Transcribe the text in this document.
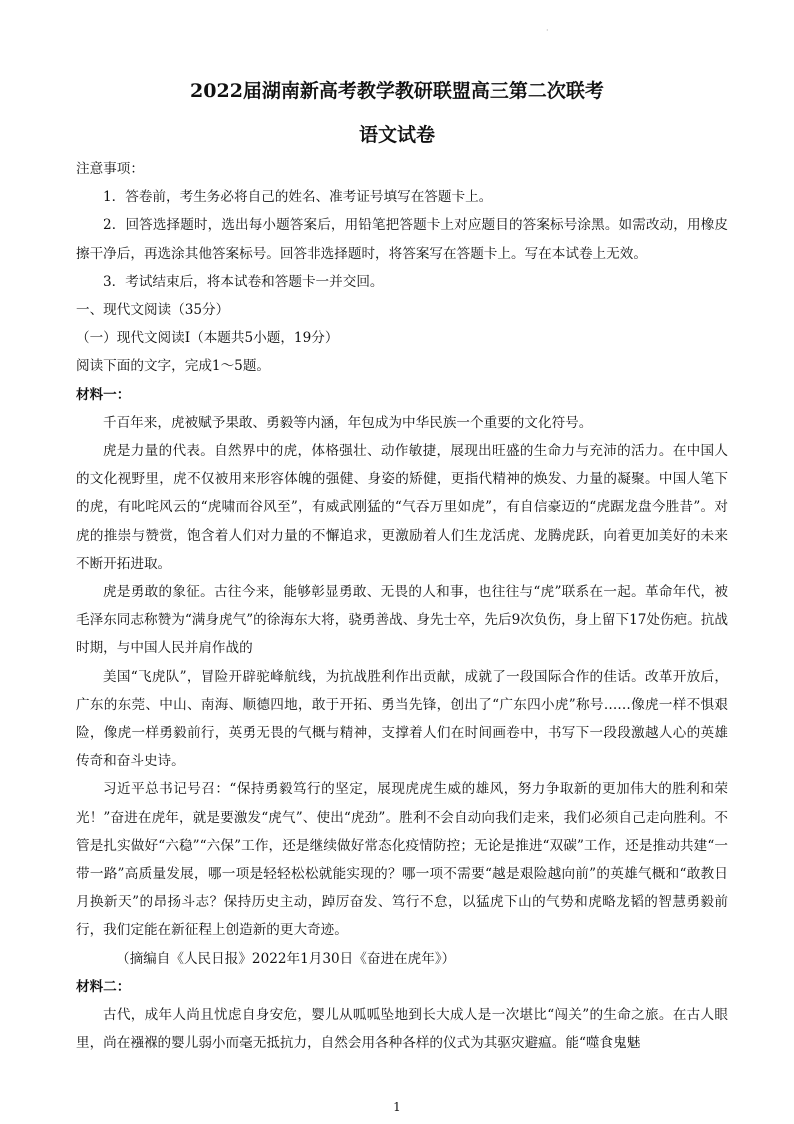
·
2022届湖南新高考教学教研联盟高三第二次联考
语文试卷

注意事项：

1．答卷前，考生务必将自己的姓名、准考证号填写在答题卡上。

2．回答选择题时，选出每小题答案后，用铅笔把答题卡上对应题目的答案标号涂黑。如需改动，用橡皮擦干净后，再选涂其他答案标号。回答非选择题时，将答案写在答题卡上。写在本试卷上无效。

3．考试结束后，将本试卷和答题卡一并交回。

一、现代文阅读（35分）

（一）现代文阅读Ⅰ（本题共5小题，19分）

阅读下面的文字，完成1～5题。

材料一：

千百年来，虎被赋予果敢、勇毅等内涵，年包成为中华民族一个重要的文化符号。

虎是力量的代表。自然界中的虎，体格强壮、动作敏捷，展现出旺盛的生命力与充沛的活力。在中国人的文化视野里，虎不仅被用来形容体魄的强健、身姿的矫健，更指代精神的焕发、力量的凝聚。中国人笔下的虎，有叱咤风云的“虎啸而谷风至”，有威武刚猛的“气吞万里如虎”，有自信豪迈的“虎踞龙盘今胜昔”。对虎的推崇与赞赏，饱含着人们对力量的不懈追求，更激励着人们生龙活虎、龙腾虎跃，向着更加美好的未来不断开拓进取。

虎是勇敢的象征。古往今来，能够彰显勇敢、无畏的人和事，也往往与“虎”联系在一起。革命年代，被毛泽东同志称赞为“满身虎气”的徐海东大将，骁勇善战、身先士卒，先后9次负伤，身上留下17处伤疤。抗战时期，与中国人民并肩作战的

美国“飞虎队”，冒险开辟驼峰航线，为抗战胜利作出贡献，成就了一段国际合作的佳话。改革开放后，广东的东莞、中山、南海、顺德四地，敢于开拓、勇当先锋，创出了“广东四小虎”称号……像虎一样不惧艰险，像虎一样勇毅前行，英勇无畏的气概与精神，支撑着人们在时间画卷中，书写下一段段激越人心的英雄传奇和奋斗史诗。

习近平总书记号召：“保持勇毅笃行的坚定，展现虎虎生威的雄风，努力争取新的更加伟大的胜利和荣光！”奋进在虎年，就是要激发“虎气”、使出“虎劲”。胜利不会自动向我们走来，我们必须自己走向胜利。不管是扎实做好“六稳”“六保”工作，还是继续做好常态化疫情防控；无论是推进“双碳”工作，还是推动共建“一带一路”高质量发展，哪一项是轻轻松松就能实现的？哪一项不需要“越是艰险越向前”的英雄气概和“敢教日月换新天”的昂扬斗志？保持历史主动，踔厉奋发、笃行不怠，以猛虎下山的气势和虎略龙韬的智慧勇毅前行，我们定能在新征程上创造新的更大奇迹。

（摘编自《人民日报》2022年1月30日《奋进在虎年》）

材料二：

古代，成年人尚且忧虑自身安危，婴儿从呱呱坠地到长大成人是一次堪比“闯关”的生命之旅。在古人眼里，尚在襁褓的婴儿弱小而毫无抵抗力，自然会用各种各样的仪式为其驱灾避瘟。能“噬食鬼魅

1
